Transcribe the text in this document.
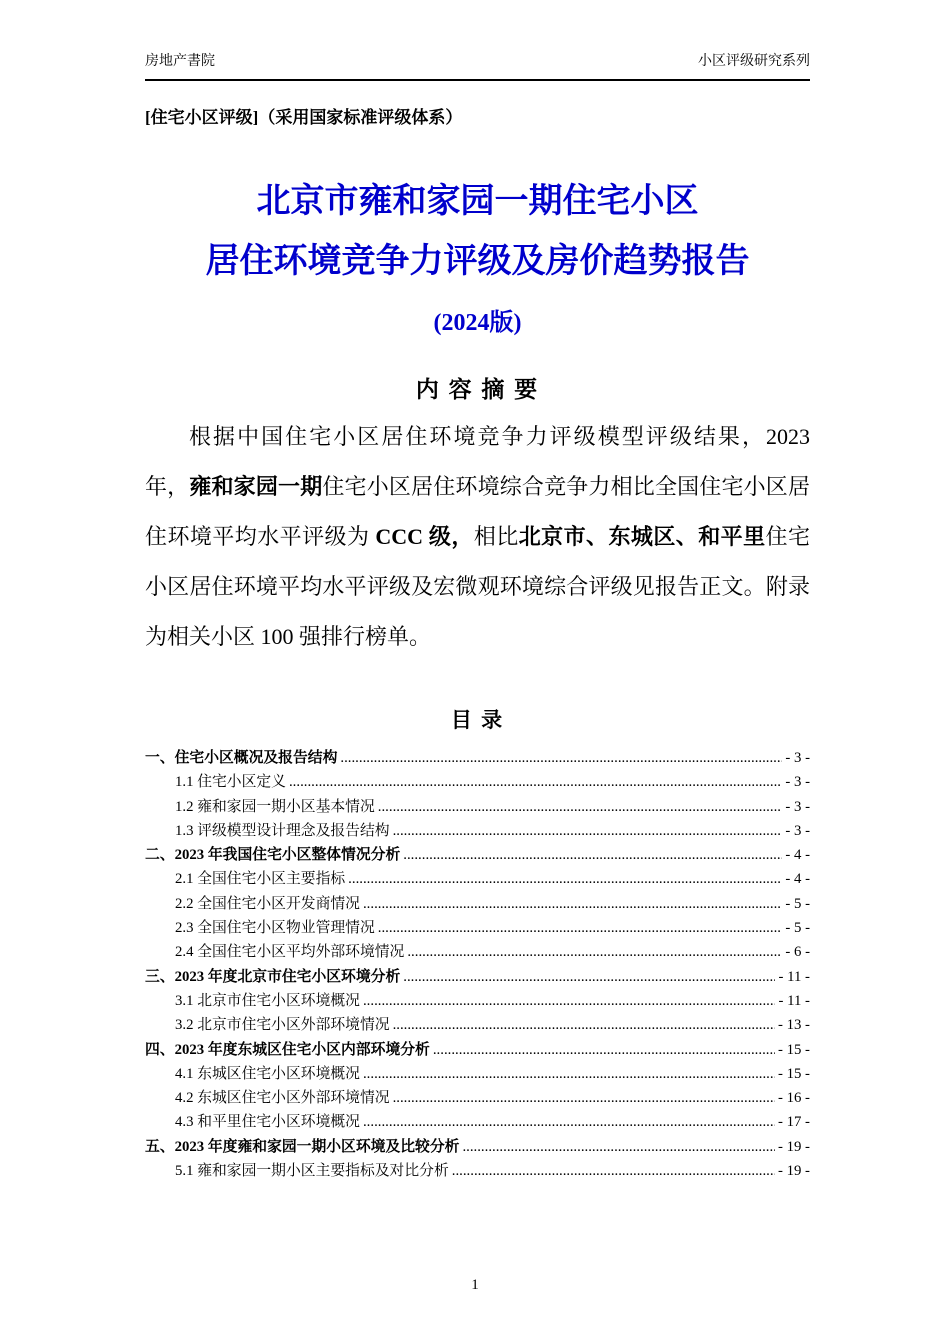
房地产書院	小区评级研究系列
[住宅小区评级]（采用国家标准评级体系）
北京市雍和家园一期住宅小区
居住环境竞争力评级及房价趋势报告
(2024版)
内 容 摘 要

根据中国住宅小区居住环境竞争力评级模型评级结果，2023 年，雍和家园一期住宅小区居住环境综合竞争力相比全国住宅小区居住环境平均水平评级为 CCC 级，相比北京市、东城区、和平里住宅小区居住环境平均水平评级及宏微观环境综合评级见报告正文。附录为相关小区 100 强排行榜单。

目 录
一、住宅小区概况及报告结构 .....	- 3 -
1.1 住宅小区定义 .....	- 3 -
1.2 雍和家园一期小区基本情况 .....	- 3 -
1.3 评级模型设计理念及报告结构 .....	- 3 -
二、2023 年我国住宅小区整体情况分析 .....	- 4 -
2.1 全国住宅小区主要指标 .....	- 4 -
2.2 全国住宅小区开发商情况 .....	- 5 -
2.3 全国住宅小区物业管理情况 .....	- 5 -
2.4 全国住宅小区平均外部环境情况 .....	- 6 -
三、2023 年度北京市住宅小区环境分析 .....	- 11 -
3.1 北京市住宅小区环境概况 .....	- 11 -
3.2 北京市住宅小区外部环境情况 .....	- 13 -
四、2023 年度东城区住宅小区内部环境分析 .....	- 15 -
4.1 东城区住宅小区环境概况 .....	- 15 -
4.2 东城区住宅小区外部环境情况 .....	- 16 -
4.3 和平里住宅小区环境概况 .....	- 17 -
五、2023 年度雍和家园一期小区环境及比较分析 .....	- 19 -
5.1 雍和家园一期小区主要指标及对比分析 .....	- 19 -
1
